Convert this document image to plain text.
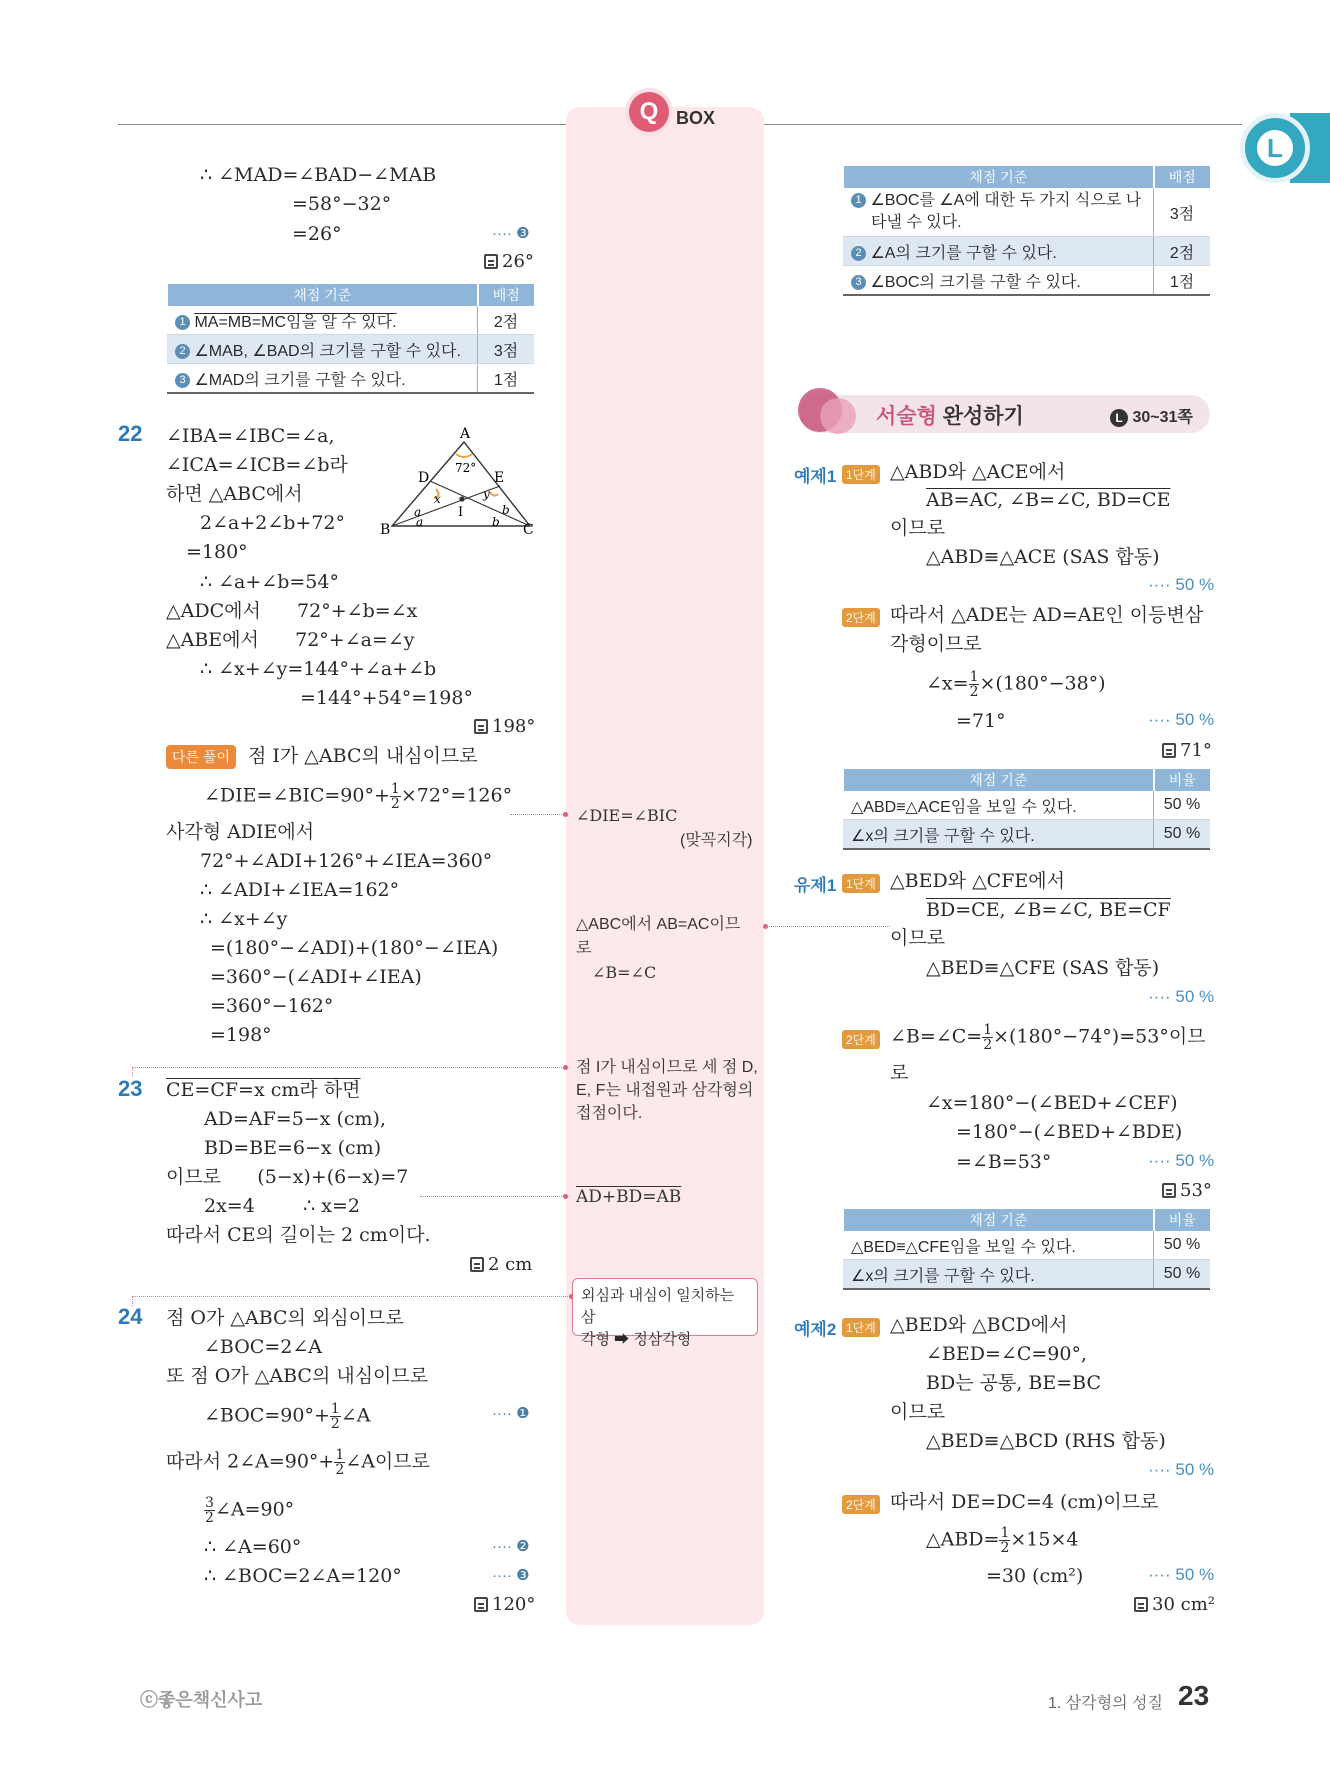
Q BOX
L
∴ ∠MAD=∠BAD−∠MAB
=58°−32°
=26°	···· ❸
26°
채점 기준	배점
1 MA=MB=MC임을 알 수 있다.	2점
2 ∠MAB, ∠BAD의 크기를 구할 수 있다.	3점
3 ∠MAD의 크기를 구할 수 있다.	1점
22 ∠IBA=∠IBC=∠a,
∠ICA=∠ICB=∠b라
하면 △ABC에서
2∠a+2∠b+72°
=180°
∴ ∠a+∠b=54°
△ADC에서      72°+∠b=∠x
△ABE에서      72°+∠a=∠y
∴ ∠x+∠y=144°+∠a+∠b
=144°+54°=198°
198°
A
B	C
D	E
I
72°
x	y
a
a
b
b
다른 풀이 점 I가 △ABC의 내심이므로
∠DIE=∠BIC=90°+ $\frac{1}{2} \times 72^\circ=126^\circ$
사각형 ADIE에서
72°+∠ADI+126°+∠IEA=360°
∴ ∠ADI+∠IEA=162°
∴ ∠x+∠y
=(180°−∠ADI)+(180°−∠IEA)
=360°−(∠ADI+∠IEA)
=360°−162°
=198°
23 CE=CF=x cm라 하면
AD=AF=5−x (cm),
BD=BE=6−x (cm)
이므로      (5−x)+(6−x)=7
2x=4        ∴ x=2
따라서 CE의 길이는 2 cm이다.
2 cm
24 점 O가 △ABC의 외심이므로
∠BOC=2∠A
또 점 O가 △ABC의 내심이므로
∠BOC=90°+ $\frac{1}{2}$ ∠A	···· ❶
따라서 2∠A=90°+ $\frac{1}{2}$ ∠A이므로
$\frac{3}{2}$ ∠A=90°
∴ ∠A=60°	···· ❷
∴ ∠BOC=2∠A=120°	···· ❸
120°
∠DIE=∠BIC
(맞꼭지각)
△ABC에서 AB=AC이므
로
∠B=∠C
점 I가 내심이므로 세 점 D,
E, F는 내접원과 삼각형의
접점이다.
AD+BD=AB
외심과 내심이 일치하는 삼
각형 ➡ 정삼각형
채점 기준	배점
1 ∠BOC를 ∠A에 대한 두 가지 식으로 나
타낼 수 있다.	3점
2 ∠A의 크기를 구할 수 있다.	2점
3 ∠BOC의 크기를 구할 수 있다.	1점
서술형 완성하기	L 30~31쪽
예제1 1단계 △ABD와 △ACE에서
AB=AC, ∠B=∠C, BD=CE
이므로
△ABD≡△ACE (SAS 합동)
···· 50 %
2단계 따라서 △ADE는 AD=AE인 이등변삼
각형이므로
∠x= $\frac{1}{2} \times(180^\circ-38^\circ)$
=71°	···· 50 %
71°
채점 기준	비율
△ABD≡△ACE임을 보일 수 있다.	50 %
∠x의 크기를 구할 수 있다.	50 %
유제1 1단계 △BED와 △CFE에서
BD=CE, ∠B=∠C, BE=CF
이므로
△BED≡△CFE (SAS 합동)
···· 50 %
2단계 ∠B=∠C= $\frac{1}{2} \times(180^\circ-74^\circ)=53^\circ$이므
로
∠x=180°−(∠BED+∠CEF)
=180°−(∠BED+∠BDE)
=∠B=53°	···· 50 %
53°
채점 기준	비율
△BED≡△CFE임을 보일 수 있다.	50 %
∠x의 크기를 구할 수 있다.	50 %
예제2 1단계 △BED와 △BCD에서
∠BED=∠C=90°,
BD는 공통, BE=BC
이므로
△BED≡△BCD (RHS 합동)
···· 50 %
2단계 따라서 DE=DC=4 (cm)이므로
△ABD= $\frac{1}{2} \times 15\times 4$
=30 (cm²)	···· 50 %
30 cm²
ⓒ좋은책신사고	1. 삼각형의 성질 23
